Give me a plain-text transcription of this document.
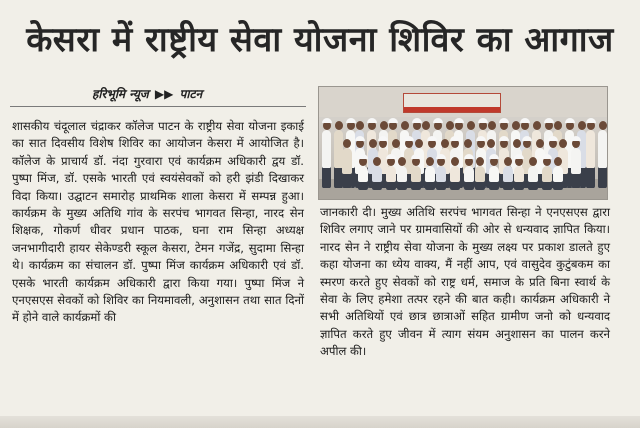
केसरा में राष्ट्रीय सेवा योजना शिविर का आगाज
हरिभूमि न्यूज ▶▶ पाटन

शासकीय चंदूलाल चंद्राकर कॉलेज पाटन के राष्ट्रीय सेवा योजना इकाई का सात दिवसीय विशेष शिविर का आयोजन केसरा में आयोजित है। कॉलेज के प्राचार्य डॉ. नंदा गुरवारा एवं कार्यक्रम अधिकारी द्वय डॉ. पुष्पा मिंज, डॉ. एसके भारती एवं स्वयंसेवकों को हरी झंडी दिखाकर विदा किया। उद्घाटन समारोह प्राथमिक शाला केसरा में सम्पन्न हुआ। कार्यक्रम के मुख्य अतिथि गांव के सरपंच भागवत सिन्हा, नारद सेन शिक्षक, गोकर्ण धीवर प्रधान पाठक, घना राम सिन्हा अध्यक्ष जनभागीदारी हायर सेकेण्डरी स्कूल केसरा, टेमन गजेंद्र, सुदामा सिन्हा थे। कार्यक्रम का संचालन डॉ. पुष्पा मिंज कार्यक्रम अधिकारी एवं डॉ. एसके भारती कार्यक्रम अधिकारी द्वारा किया गया। पुष्पा मिंज ने एनएसएस सेवकों को शिविर का नियमावली, अनुशासन तथा सात दिनों में होने वाले कार्यक्रमों की

जानकारी दी। मुख्य अतिथि सरपंच भागवत सिन्हा ने एनएसएस द्वारा शिविर लगाए जाने पर ग्रामवासियों की ओर से धन्यवाद ज्ञापित किया। नारद सेन ने राष्ट्रीय सेवा योजना के मुख्य लक्ष्य पर प्रकाश डालते हुए कहा योजना का ध्येय वाक्य, मैं नहीं आप, एवं वासुदेव कुटुंबकम का स्मरण करते हुए सेवकों को राष्ट्र धर्म, समाज के प्रति बिना स्वार्थ के सेवा के लिए हमेशा तत्पर रहने की बात कही। कार्यक्रम अधिकारी ने सभी अतिथियों एवं छात्र छात्राओं सहित ग्रामीण जनो को धन्यवाद ज्ञापित करते हुए जीवन में त्याग संयम अनुशासन का पालन करने अपील की।
